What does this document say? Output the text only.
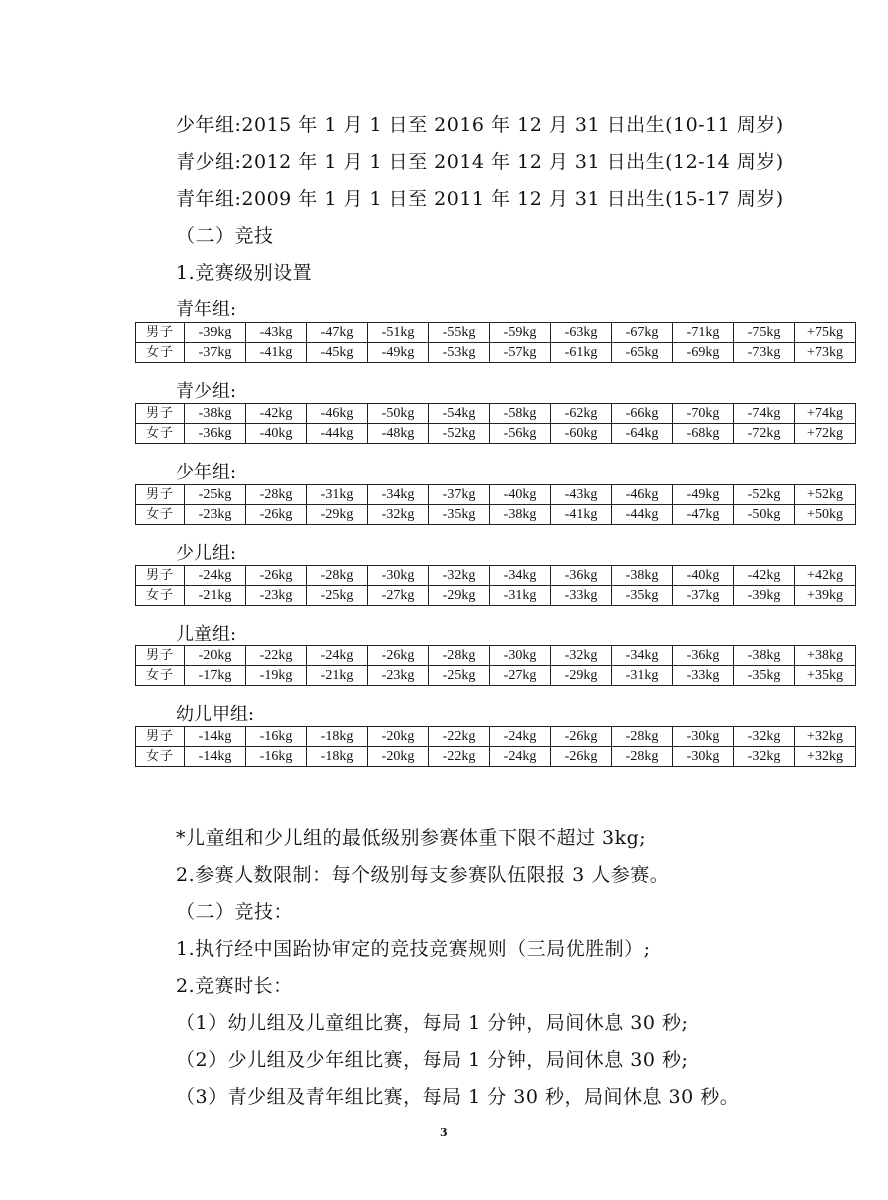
少年组:2015 年 1 月 1 日至 2016 年 12 月 31 日出生(10-11 周岁)
青少组:2012 年 1 月 1 日至 2014 年 12 月 31 日出生(12-14 周岁)
青年组:2009 年 1 月 1 日至 2011 年 12 月 31 日出生(15-17 周岁)
（二）竞技
1.竞赛级别设置
青年组:
男子	-39kg	-43kg	-47kg	-51kg	-55kg	-59kg	-63kg	-67kg	-71kg	-75kg	+75kg
女子	-37kg	-41kg	-45kg	-49kg	-53kg	-57kg	-61kg	-65kg	-69kg	-73kg	+73kg
青少组:
男子	-38kg	-42kg	-46kg	-50kg	-54kg	-58kg	-62kg	-66kg	-70kg	-74kg	+74kg
女子	-36kg	-40kg	-44kg	-48kg	-52kg	-56kg	-60kg	-64kg	-68kg	-72kg	+72kg
少年组:
男子	-25kg	-28kg	-31kg	-34kg	-37kg	-40kg	-43kg	-46kg	-49kg	-52kg	+52kg
女子	-23kg	-26kg	-29kg	-32kg	-35kg	-38kg	-41kg	-44kg	-47kg	-50kg	+50kg
少儿组:
男子	-24kg	-26kg	-28kg	-30kg	-32kg	-34kg	-36kg	-38kg	-40kg	-42kg	+42kg
女子	-21kg	-23kg	-25kg	-27kg	-29kg	-31kg	-33kg	-35kg	-37kg	-39kg	+39kg
儿童组:
男子	-20kg	-22kg	-24kg	-26kg	-28kg	-30kg	-32kg	-34kg	-36kg	-38kg	+38kg
女子	-17kg	-19kg	-21kg	-23kg	-25kg	-27kg	-29kg	-31kg	-33kg	-35kg	+35kg
幼儿甲组:
男子	-14kg	-16kg	-18kg	-20kg	-22kg	-24kg	-26kg	-28kg	-30kg	-32kg	+32kg
女子	-14kg	-16kg	-18kg	-20kg	-22kg	-24kg	-26kg	-28kg	-30kg	-32kg	+32kg
*儿童组和少儿组的最低级别参赛体重下限不超过 3kg;
2.参赛人数限制：每个级别每支参赛队伍限报 3 人参赛。
（二）竞技：
1.执行经中国跆协审定的竞技竞赛规则（三局优胜制）;
2.竞赛时长：
（1）幼儿组及儿童组比赛，每局 1 分钟，局间休息 30 秒;
（2）少儿组及少年组比赛，每局 1 分钟，局间休息 30 秒;
（3）青少组及青年组比赛，每局 1 分 30 秒，局间休息 30 秒。
3
